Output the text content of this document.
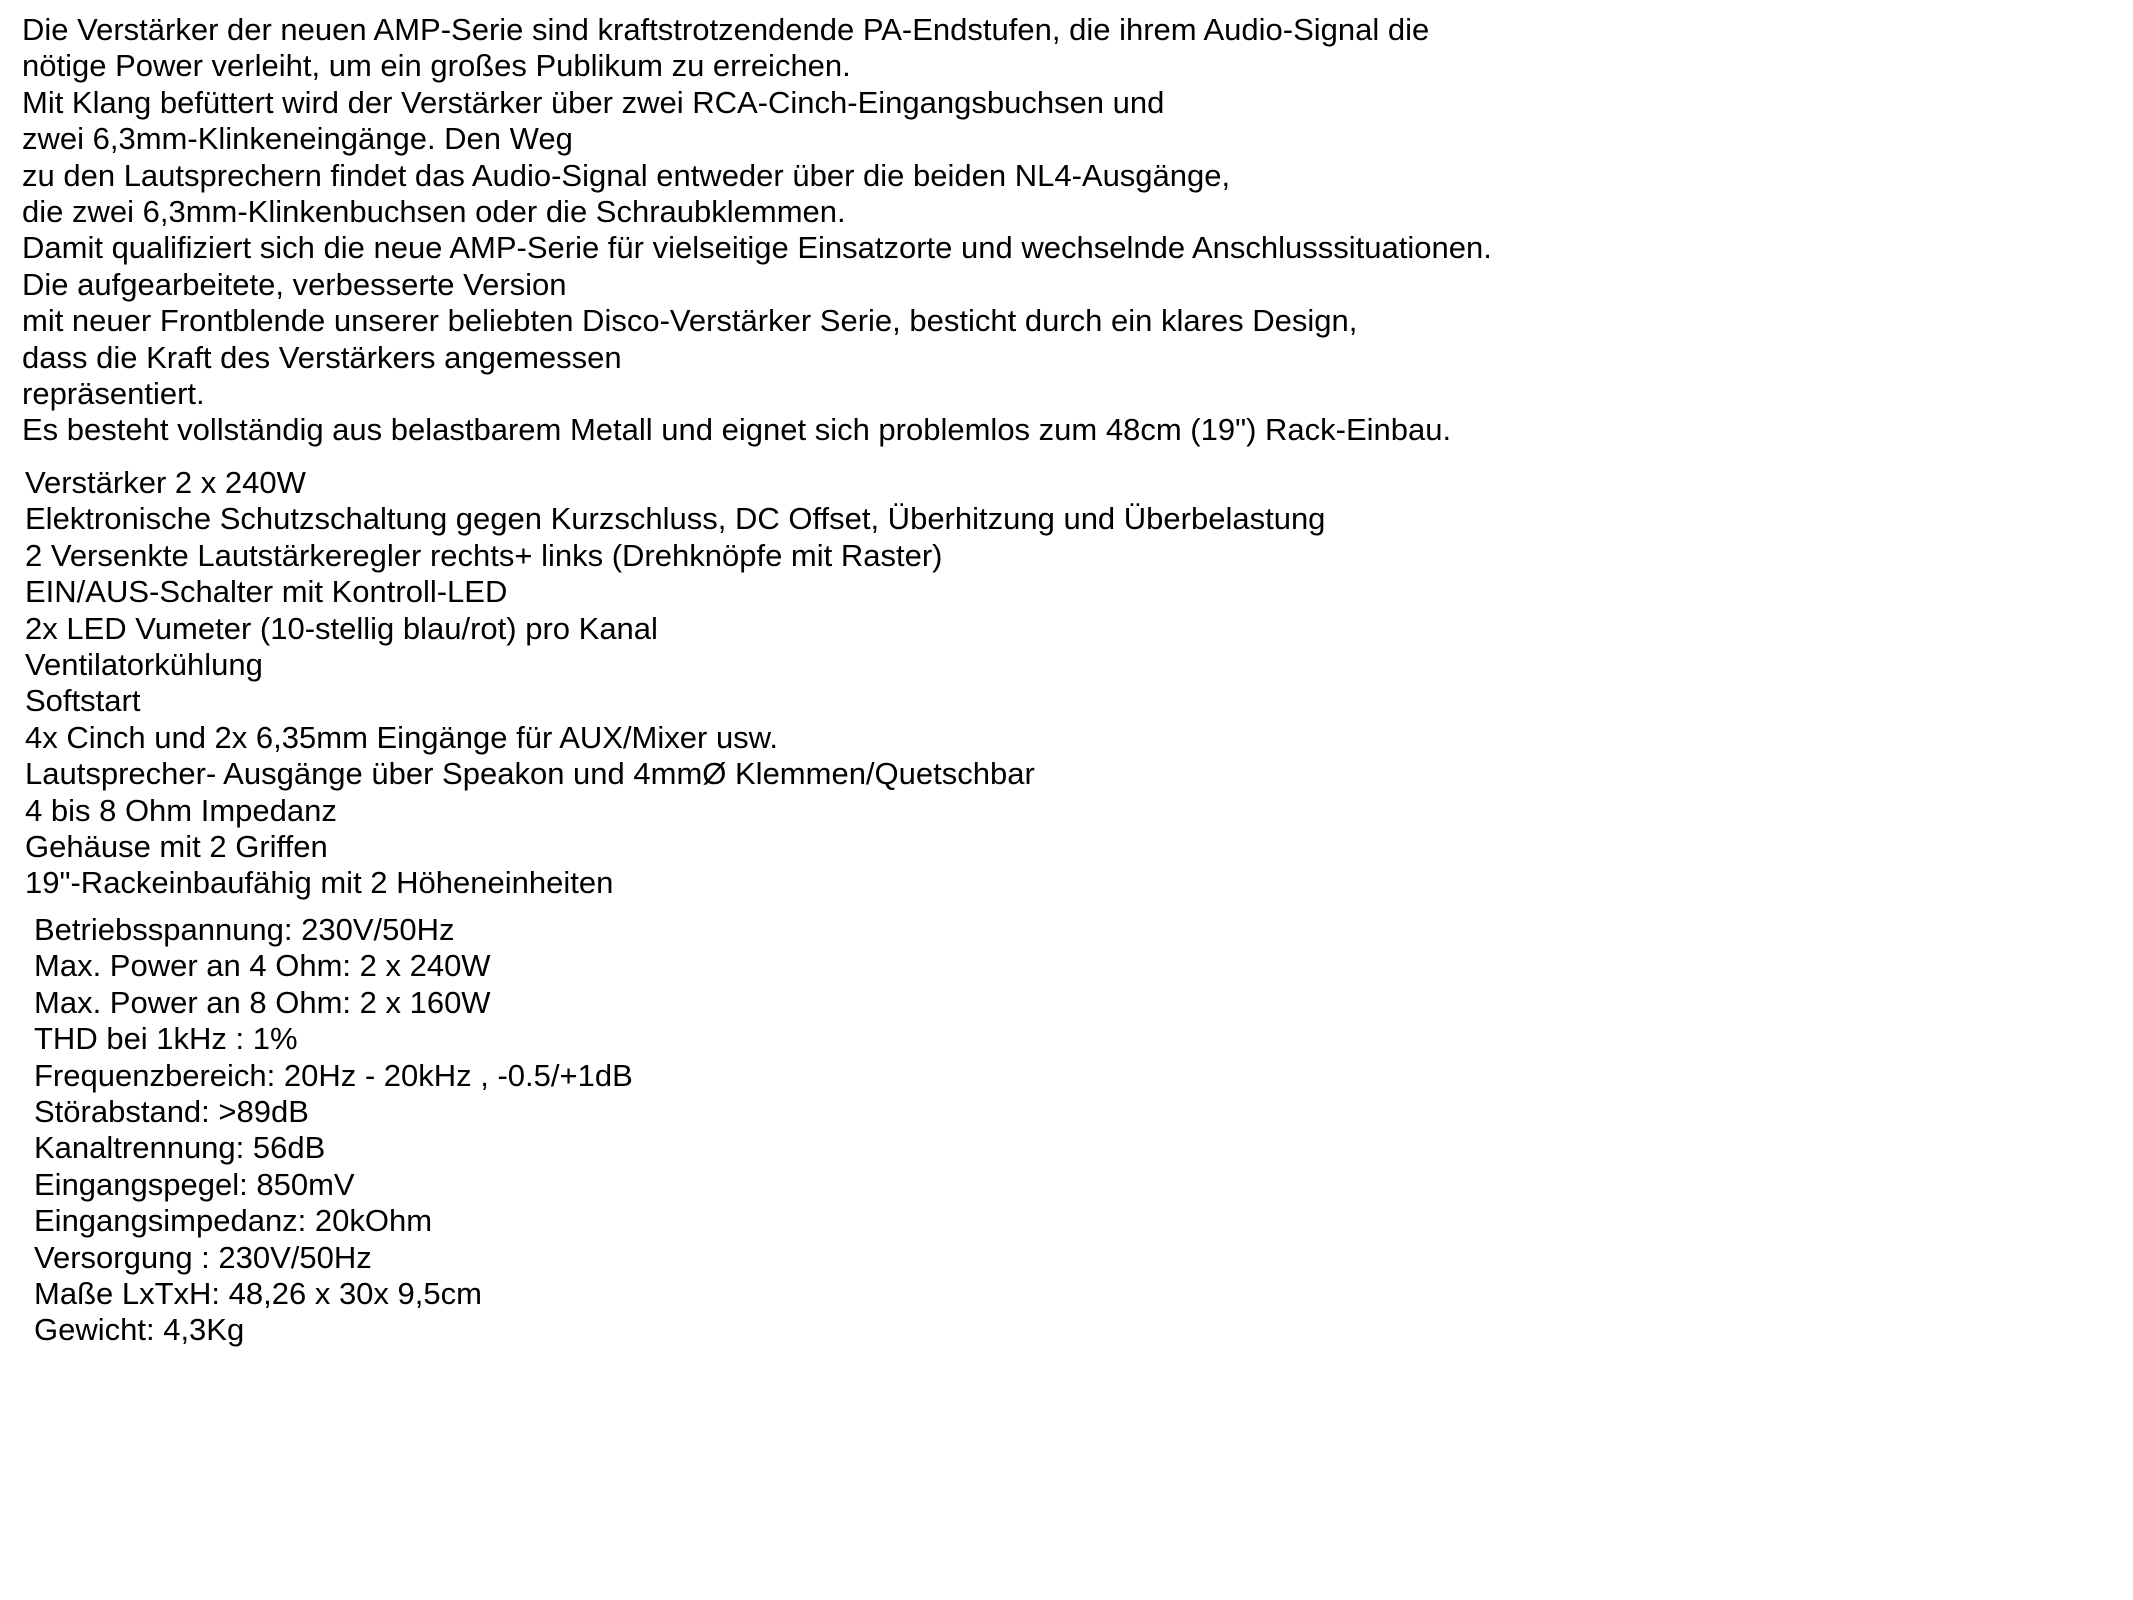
Die Verstärker der neuen AMP-Serie sind kraftstrotzendende PA-Endstufen, die ihrem Audio-Signal die
nötige Power verleiht, um ein großes Publikum zu erreichen.
Mit Klang befüttert wird der Verstärker über zwei RCA-Cinch-Eingangsbuchsen und
zwei 6,3mm-Klinkeneingänge. Den Weg
zu den Lautsprechern findet das Audio-Signal entweder über die beiden NL4-Ausgänge,
die zwei 6,3mm-Klinkenbuchsen oder die Schraubklemmen.
Damit qualifiziert sich die neue AMP-Serie für vielseitige Einsatzorte und wechselnde Anschlusssituationen.
Die aufgearbeitete, verbesserte Version
mit neuer Frontblende unserer beliebten Disco-Verstärker Serie, besticht durch ein klares Design,
dass die Kraft des Verstärkers angemessen
repräsentiert.
Es besteht vollständig aus belastbarem Metall und eignet sich problemlos zum 48cm (19") Rack-Einbau.
Verstärker 2 x 240W
Elektronische Schutzschaltung gegen Kurzschluss, DC Offset, Überhitzung und Überbelastung
2 Versenkte Lautstärkeregler rechts+ links (Drehknöpfe mit Raster)
EIN/AUS-Schalter mit Kontroll-LED
2x LED Vumeter (10-stellig blau/rot) pro Kanal
Ventilatorkühlung
Softstart
4x Cinch und 2x 6,35mm Eingänge für AUX/Mixer usw.
Lautsprecher- Ausgänge über Speakon und 4mmØ Klemmen/Quetschbar
4 bis 8 Ohm Impedanz
Gehäuse mit 2 Griffen
19"-Rackeinbaufähig mit 2 Höheneinheiten
Betriebsspannung: 230V/50Hz
Max. Power an 4 Ohm: 2 x 240W
Max. Power an 8 Ohm: 2 x 160W
THD bei 1kHz : 1%
Frequenzbereich: 20Hz - 20kHz , -0.5/+1dB
Störabstand: >89dB
Kanaltrennung: 56dB
Eingangspegel: 850mV
Eingangsimpedanz: 20kOhm
Versorgung : 230V/50Hz
Maße LxTxH: 48,26 x 30x 9,5cm
Gewicht: 4,3Kg
